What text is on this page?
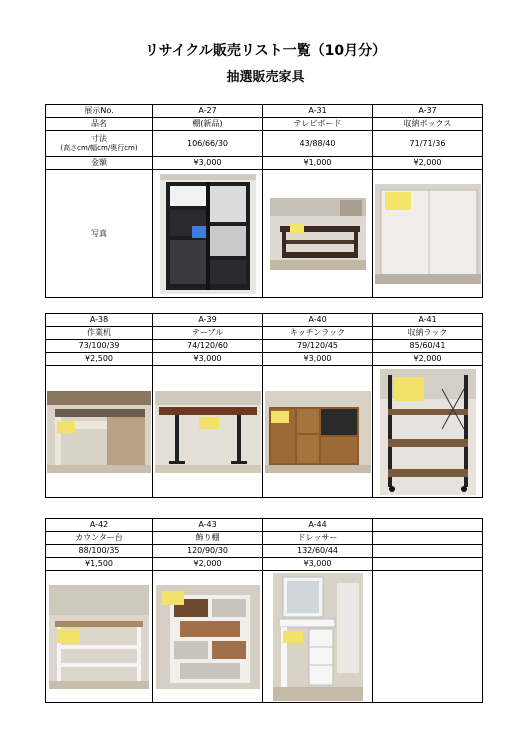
リサイクル販売リスト一覧（10月分）
抽選販売家具
展示No.	A-27	A-31	A-37
品名	棚(新品)	テレビボード	収納ボックス

寸法
(高さcm/幅cm/奥行cm)	106/66/30	43/88/40	71/71/36
金額	¥3,000	¥1,000	¥2,000
写真	

A-38	A-39	A-40	A-41
作業机	テーブル	キッチンラック	収納ラック
73/100/39	74/120/60	79/120/45	85/60/41
¥2,500	¥3,000	¥3,000	¥2,000

A-42	A-43	A-44	
カウンター台	飾り棚	ドレッサー	
88/100/35	120/90/30	132/60/44	
¥1,500	¥2,000	¥3,000	
